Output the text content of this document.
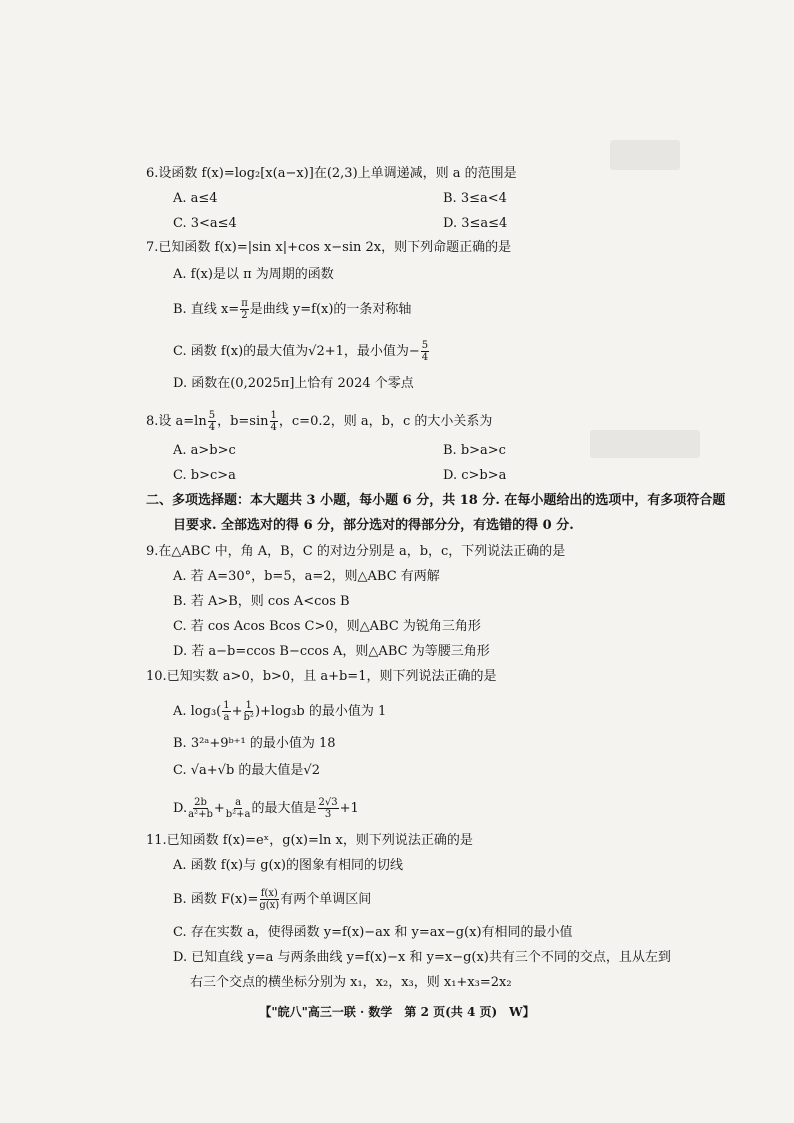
6.设函数 f(x)=log₂[x(a−x)]在(2,3)上单调递减，则 a 的范围是
A. a≤4	B. 3≤a<4
C. 3<a≤4	D. 3≤a≤4
7.已知函数 f(x)=|sin x|+cos x−sin 2x，则下列命题正确的是
A. f(x)是以 π 为周期的函数
B. 直线 $x= \frac{\pi}{2}$ 是曲线 y=f(x)的一条对称轴
C. 函数 f(x)的最大值为√2+1，最小值为− $\frac{5}{4}$
D. 函数在(0,2025π]上恰有 2024 个零点
8.设 $a=\ln \frac{5}{4}$ ，$b=\sin \frac{1}{4}$ ，c=0.2，则 a，b，c 的大小关系为
A. a>b>c	B. b>a>c
C. b>c>a	D. c>b>a
二、多项选择题：本大题共 3 小题，每小题 6 分，共 18 分. 在每小题给出的选项中，有多项符合题
目要求. 全部选对的得 6 分，部分选对的得部分分，有选错的得 0 分.
9.在△ABC 中，角 A，B，C 的对边分别是 a，b，c，下列说法正确的是
A. 若 A=30°，b=5，a=2，则△ABC 有两解
B. 若 A>B，则 cos A<cos B
C. 若 cos Acos Bcos C>0，则△ABC 为锐角三角形
D. 若 a−b=ccos B−ccos A，则△ABC 为等腰三角形
10.已知实数 a>0，b>0，且 a+b=1，则下列说法正确的是
A. $\log_3( \frac{1}{a} + \frac{1}{\text{b²}} )+\log_3b$ 的最小值为 1
B. 3²ᵃ+9ᵇ⁺¹ 的最小值为 18
C. √a+√b 的最大值是√2
D. $\frac{2b}{\text{a²+b}} + \frac{a}{\text{b²+a}}$ 的最大值是 $\frac{2√3}{3} +1$
11.已知函数 f(x)=eˣ，g(x)=ln x，则下列说法正确的是
A. 函数 f(x)与 g(x)的图象有相同的切线
B. 函数 $F(x)= \frac{f(x)}{g(x)}$ 有两个单调区间
C. 存在实数 a，使得函数 y=f(x)−ax 和 y=ax−g(x)有相同的最小值
D. 已知直线 y=a 与两条曲线 y=f(x)−x 和 y=x−g(x)共有三个不同的交点，且从左到
右三个交点的横坐标分别为 x₁，x₂，x₃，则 x₁+x₃=2x₂
【"皖八"高三一联 · 数学　第 2 页(共 4 页)　W】
